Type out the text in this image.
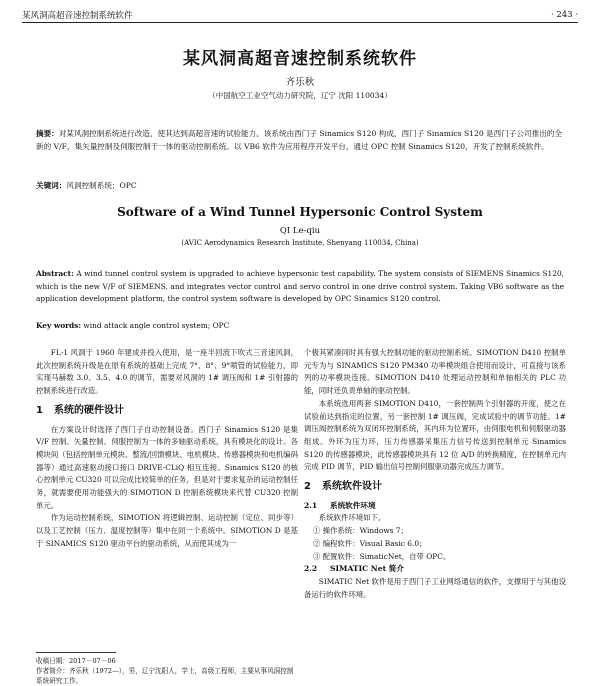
某风洞高超音速控制系统软件	· 243 ·
某风洞高超音速控制系统软件
齐乐秋
（中国航空工业空气动力研究院，辽宁 沈阳 110034）
摘要：对某风洞控制系统进行改造，使其达到高超音速的试验能力。该系统由西门子 Sinamics S120 构成，西门子 Sinamics S120 是西门子公司推出的全新的 V/F，集矢量控制及伺服控制于一体的驱动控制系统。以 VB6 软件为应用程序开发平台，通过 OPC 控制 Sinamics S120，开发了控制系统软件。
关键词：风洞控制系统；OPC
Software of a Wind Tunnel Hypersonic Control System
QI Le-qiu
(AVIC Aerodynamics Research Institute, Shenyang 110034, China)
Abstract: A wind tunnel control system is upgraded to achieve hypersonic test capability. The system consists of SIEMENS Sinamics S120, which is the new V/F of SIEMENS, and integrates vector control and servo control in one drive control system. Taking VB6 software as the application development platform, the control system software is developed by OPC Sinamics S120 control.
Key words: wind attack angle control system; OPC

FL-1 风洞于 1960 年建成并投入使用，是一座半回流下吹式三音速风洞，此次控制系统升级是在原有系统的基础上完成 7°、8°、9°喷管的试验能力，即实现马赫数 3.0、3.5、4.0 的调节，需要对风洞的 1# 调压阀和 1# 引射器的控制系统进行改造。

1 系统的硬件设计

在方案设计时选择了西门子自动控制设备。西门子 Sinamics S120 是集 V/F 控制、矢量控制、伺服控制为一体的多轴驱动系统，具有模块化的设计。各模块间（包括控制单元模块、整流/回馈模块、电机模块、传感器模块和电机编码器等）通过高速驱动接口接口 DRIVE-CLiQ 相互连接。Sinamics S120 的核心控制单元 CU320 可以完成比较简单的任务，但是对于要求复杂的运动控制任务，就需要使用功能强大的 SIMOTION D 控制系统模块来代替 CU320 控制单元。

作为运动控制系统，SIMOTION 将逻辑控制、运动控制（定位、同步等）以及工艺控制（压力、温度控制等）集中在同一个系统中。SIMOTION D 是基于 SINAMICS S120 驱动平台的驱动系统，从而使其成为一

个极其紧凑同时具有强大控制功能的驱动控制系统。SIMOTION D410 控制单元专为与 SINAMICS S120 PM340 功率模块组合使用而设计，可直接与该系列的功率模块连接。SIMOTION D410 处理运动控制和单轴相关的 PLC 功能，同时还负责单轴的驱动控制。

本系统选用两套 SIMOTION D410，一套控制两个引射器的开度，使之在试验前达到指定的位置，另一套控制 1# 调压阀，完成试验中的调节功能。1# 调压阀控制系统为双闭环控制系统，其内环为位置环，由伺服电机和伺服驱动器组成。外环为压力环，压力传感器采集压力信号传送到控制单元 Sinamics S120 的传感器模块，此传感器模块具有 12 位 A/D 的转换精度，在控制单元内完成 PID 调节，PID 输出信号控制伺服驱动器完成压力调节。

2 系统软件设计
2.1 系统软件环境

系统软件环境如下。

① 操作系统：Windows 7；
② 编程软件：Visual Basic 6.0；
③ 配置软件：SimaticNet，自带 OPC。
2.2 SIMATIC Net 简介

SIMATIC Net 软件是用于西门子工业网络通信的软件，支撑用于与其他设备运行的软件环境。

收稿日期：2017－07－06
作者简介：齐乐秋（1972—），男，辽宁沈阳人，学士，高级工程师，主要从事风洞控制系统研究工作。
